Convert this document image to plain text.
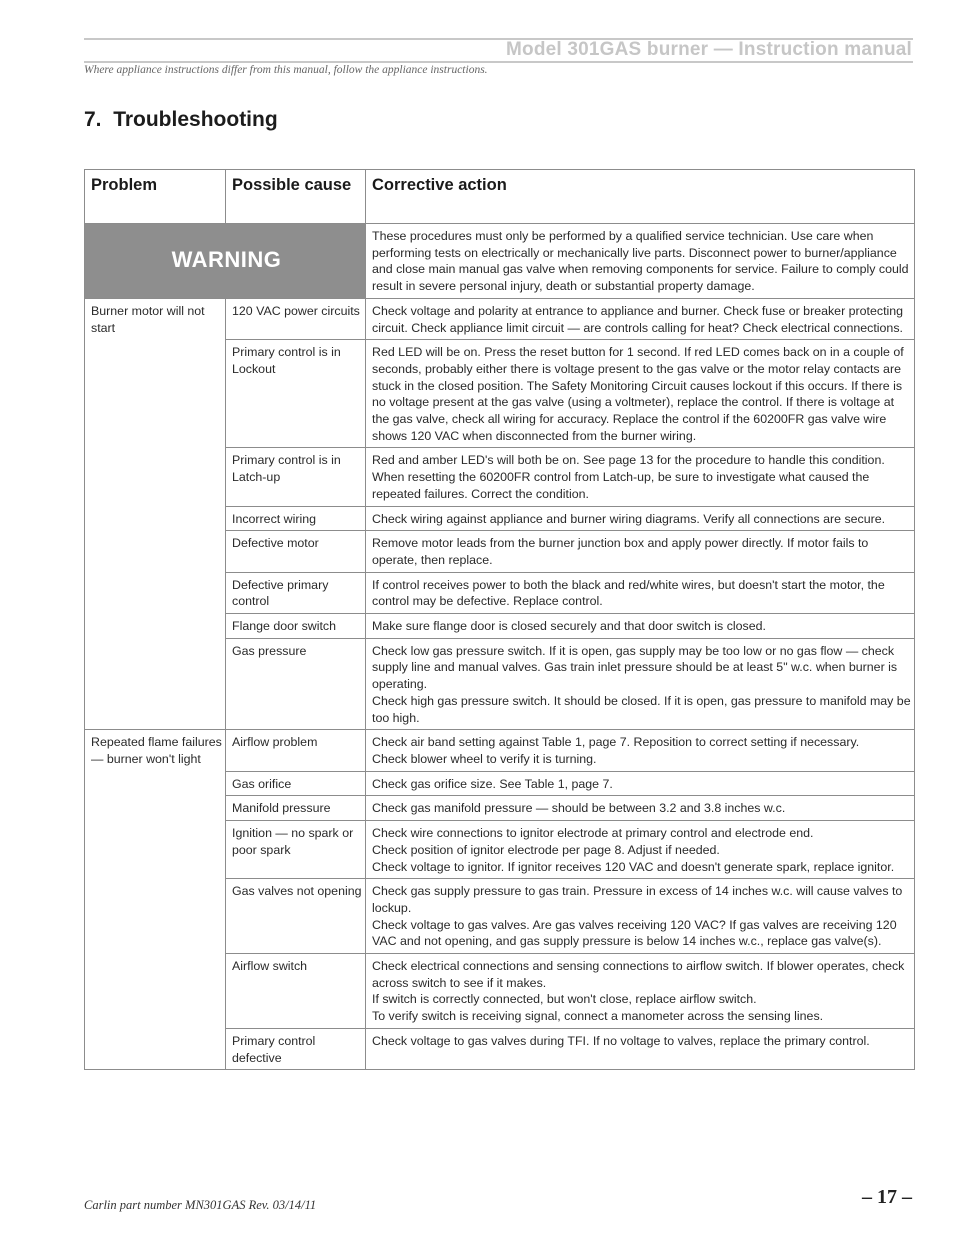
Model 301GAS burner — Instruction manual
Where appliance instructions differ from this manual, follow the appliance instructions.
7. Troubleshooting
Problem	Possible cause	Corrective action
WARNING		These procedures must only be performed by a qualified service technician. Use care when performing tests on electrically or mechanically live parts. Disconnect power to burner/appliance and close main manual gas valve when removing components for service. Failure to comply could result in severe personal injury, death or substantial property damage.
Burner motor will not start	120 VAC power circuits	Check voltage and polarity at entrance to appliance and burner. Check fuse or breaker protecting circuit. Check appliance limit circuit — are controls calling for heat? Check electrical connections.

	Primary control is in Lockout	Red LED will be on. Press the reset button for 1 second. If red LED comes back on in a couple of seconds, probably either there is voltage present to the gas valve or the motor relay contacts are stuck in the closed position. The Safety Monitoring Circuit causes lockout if this occurs. If there is no voltage present at the gas valve (using a voltmeter), replace the control. If there is voltage at the gas valve, check all wiring for accuracy. Replace the control if the 60200FR gas valve wire shows 120 VAC when disconnected from the burner wiring.

	Primary control is in Latch-up	Red and amber LED's will both be on. See page 13 for the procedure to handle this condition. When resetting the 60200FR control from Latch-up, be sure to investigate what caused the repeated failures. Correct the condition.

	Incorrect wiring	Check wiring against appliance and burner wiring diagrams. Verify all connections are secure.

	Defective motor	Remove motor leads from the burner junction box and apply power directly. If motor fails to operate, then replace.

	Defective primary control	If control receives power to both the black and red/white wires, but doesn't start the motor, the control may be defective. Replace control.

	Flange door switch	Make sure flange door is closed securely and that door switch is closed.

	Gas pressure	Check low gas pressure switch. If it is open, gas supply may be too low or no gas flow — check supply line and manual valves. Gas train inlet pressure should be at least 5" w.c. when burner is operating.
Check high gas pressure switch. It should be closed. If it is open, gas pressure to manifold may be too high.

Repeated flame failures — burner won't light	Airflow problem	Check air band setting against Table 1, page 7. Reposition to correct setting if necessary.
Check blower wheel to verify it is turning.

	Gas orifice	Check gas orifice size. See Table 1, page 7.

	Manifold pressure	Check gas manifold pressure — should be between 3.2 and 3.8 inches w.c.

	Ignition — no spark or poor spark	Check wire connections to ignitor electrode at primary control and electrode end.
Check position of ignitor electrode per page 8. Adjust if needed.
Check voltage to ignitor. If ignitor receives 120 VAC and doesn't generate spark, replace ignitor.

	Gas valves not opening	Check gas supply pressure to gas train. Pressure in excess of 14 inches w.c. will cause valves to lockup.
Check voltage to gas valves. Are gas valves receiving 120 VAC? If gas valves are receiving 120 VAC and not opening, and gas supply pressure is below 14 inches w.c., replace gas valve(s).

	Airflow switch	Check electrical connections and sensing connections to airflow switch. If blower operates, check across switch to see if it makes.
If switch is correctly connected, but won't close, replace airflow switch.
To verify switch is receiving signal, connect a manometer across the sensing lines.

	Primary control defective	Check voltage to gas valves during TFI. If no voltage to valves, replace the primary control.
Carlin part number MN301GAS Rev. 03/14/11	– 17 –
